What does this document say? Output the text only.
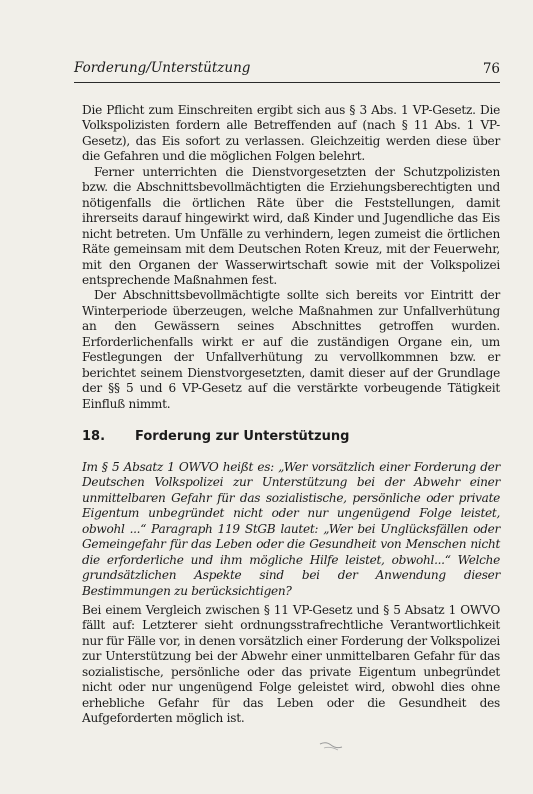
Forderung/Unterstützung	76

Die Pflicht zum Einschreiten ergibt sich aus § 3 Abs. 1 VP-Gesetz. Die Volkspolizisten fordern alle Betreffenden auf (nach § 11 Abs. 1 VP-Gesetz), das Eis sofort zu verlassen. Gleichzeitig werden diese über die Gefahren und die möglichen Folgen belehrt.

Ferner unterrichten die Dienstvorgesetzten der Schutzpolizisten bzw. die Abschnittsbevollmächtigten die Erziehungsberechtigten und nötigenfalls die örtlichen Räte über die Feststellungen, damit ihrerseits darauf hingewirkt wird, daß Kinder und Jugendliche das Eis nicht betreten. Um Unfälle zu verhindern, legen zumeist die örtlichen Räte gemeinsam mit dem Deutschen Roten Kreuz, mit der Feuerwehr, mit den Organen der Wasserwirtschaft sowie mit der Volkspolizei entsprechende Maßnahmen fest.

Der Abschnittsbevollmächtigte sollte sich bereits vor Eintritt der Winterperiode überzeugen, welche Maßnahmen zur Unfallverhütung an den Gewässern seines Abschnittes getroffen wurden. Erforderlichenfalls wirkt er auf die zuständigen Organe ein, um Festlegungen der Unfallverhütung zu vervollkommnen bzw. er berichtet seinem Dienstvorgesetzten, damit dieser auf der Grundlage der §§ 5 und 6 VP-Gesetz auf die verstärkte vorbeugende Tätigkeit Einfluß nimmt.

18. Forderung zur Unterstützung
Im § 5 Absatz 1 OWVO heißt es: „Wer vorsätzlich einer Forderung der Deutschen Volkspolizei zur Unterstützung bei der Abwehr einer unmittelbaren Gefahr für das sozialistische, persönliche oder private Eigentum unbegründet nicht oder nur ungenügend Folge leistet, obwohl ...“ Paragraph 119 StGB lautet: „Wer bei Unglücksfällen oder Gemeingefahr für das Leben oder die Gesundheit von Menschen nicht die erforderliche und ihm mögliche Hilfe leistet, obwohl...“ Welche grundsätzlichen Aspekte sind bei der Anwendung dieser Bestimmungen zu berücksichtigen?

Bei einem Vergleich zwischen § 11 VP-Gesetz und § 5 Absatz 1 OWVO fällt auf: Letzterer sieht ordnungsstrafrechtliche Verantwortlichkeit nur für Fälle vor, in denen vorsätzlich einer Forderung der Volkspolizei zur Unterstützung bei der Abwehr einer unmittelbaren Gefahr für das sozialistische, persönliche oder das private Eigentum unbegründet nicht oder nur ungenügend Folge geleistet wird, obwohl dies ohne erhebliche Gefahr für das Leben oder die Gesundheit des Aufgeforderten möglich ist.
